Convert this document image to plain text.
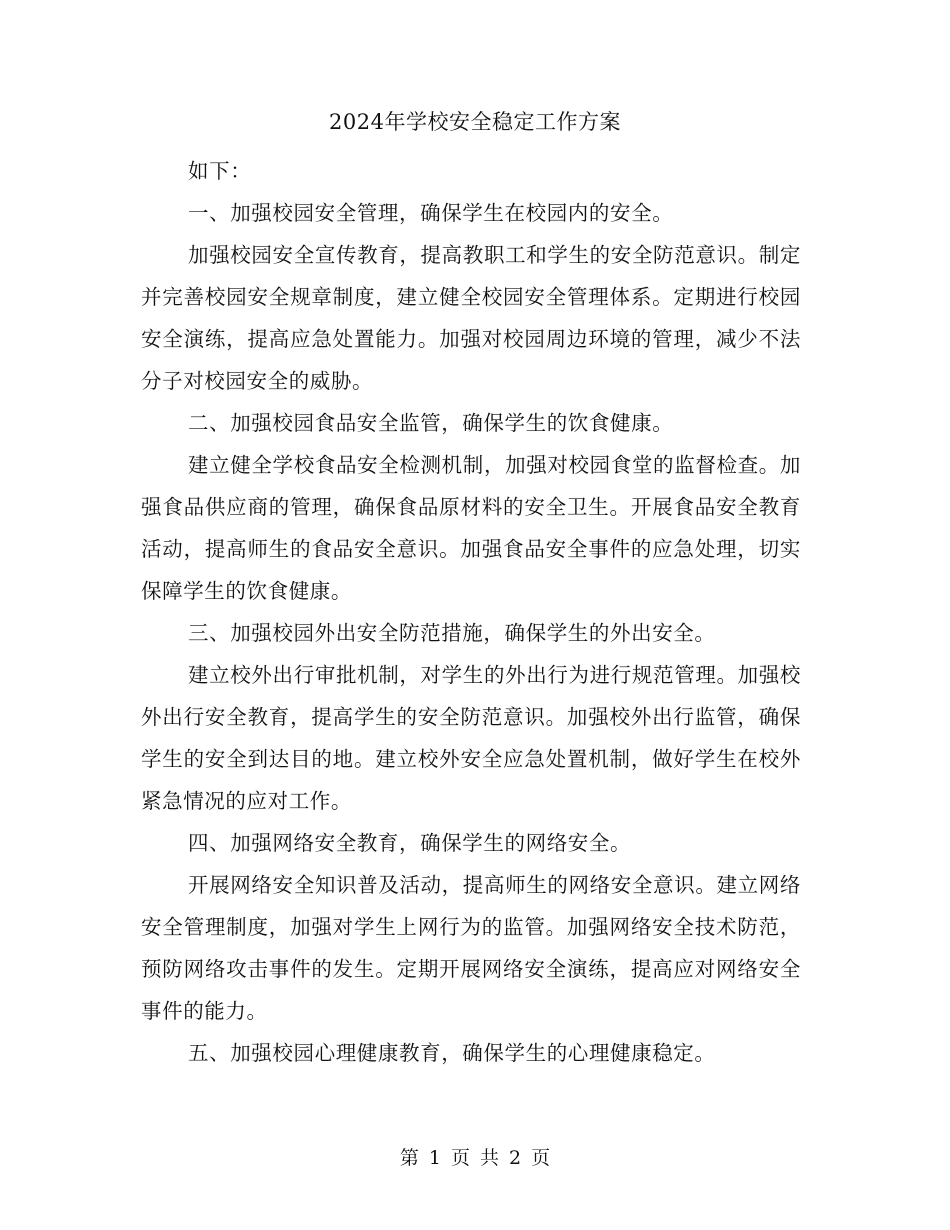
2024年学校安全稳定工作方案

如下：

一、加强校园安全管理，确保学生在校园内的安全。

加强校园安全宣传教育，提高教职工和学生的安全防范意识。制定并完善校园安全规章制度，建立健全校园安全管理体系。定期进行校园安全演练，提高应急处置能力。加强对校园周边环境的管理，减少不法分子对校园安全的威胁。

二、加强校园食品安全监管，确保学生的饮食健康。

建立健全学校食品安全检测机制，加强对校园食堂的监督检查。加强食品供应商的管理，确保食品原材料的安全卫生。开展食品安全教育活动，提高师生的食品安全意识。加强食品安全事件的应急处理，切实保障学生的饮食健康。

三、加强校园外出安全防范措施，确保学生的外出安全。

建立校外出行审批机制，对学生的外出行为进行规范管理。加强校外出行安全教育，提高学生的安全防范意识。加强校外出行监管，确保学生的安全到达目的地。建立校外安全应急处置机制，做好学生在校外紧急情况的应对工作。

四、加强网络安全教育，确保学生的网络安全。

开展网络安全知识普及活动，提高师生的网络安全意识。建立网络安全管理制度，加强对学生上网行为的监管。加强网络安全技术防范，预防网络攻击事件的发生。定期开展网络安全演练，提高应对网络安全事件的能力。

五、加强校园心理健康教育，确保学生的心理健康稳定。

第 1 页 共 2 页
